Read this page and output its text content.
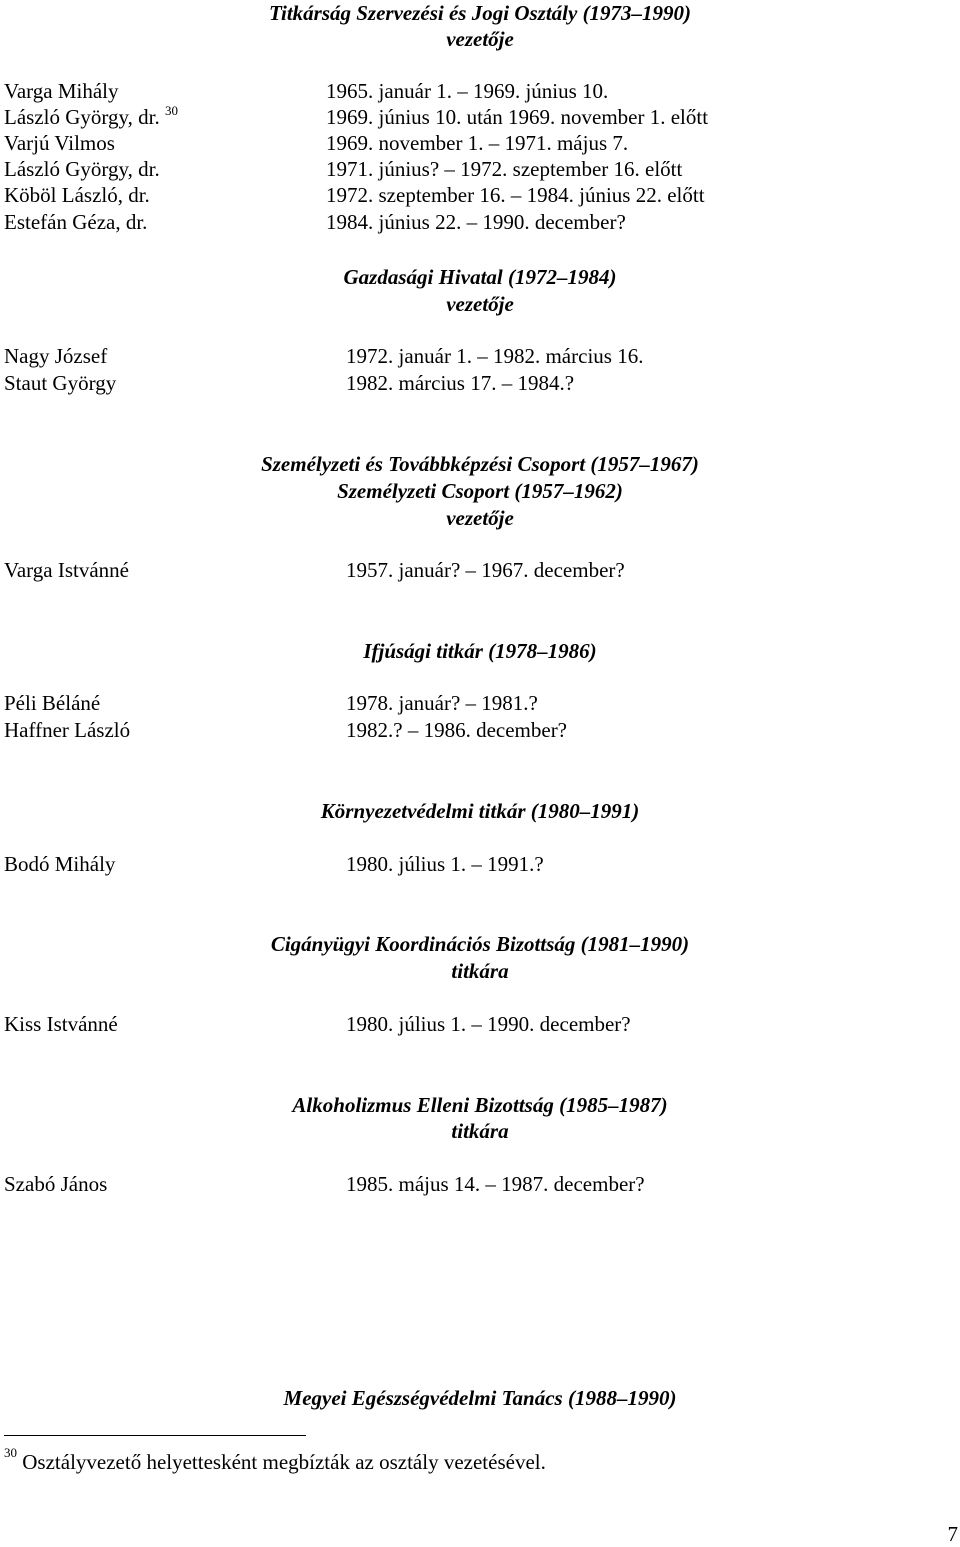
Titkárság Szervezési és Jogi Osztály (1973–1990)
vezetője
Varga Mihály	1965. január 1. – 1969. június 10.
László György, dr. $^{30}$	1969. június 10. után 1969. november 1. előtt
Varjú Vilmos	1969. november 1. – 1971. május 7.
László György, dr.	1971. június? – 1972. szeptember 16. előtt
Köböl László, dr.	1972. szeptember 16. – 1984. június 22. előtt
Estefán Géza, dr.	1984. június 22. – 1990. december?
Gazdasági Hivatal (1972–1984)
vezetője
Nagy József	1972. január 1. – 1982. március 16.
Staut György	1982. március 17. – 1984.?
Személyzeti és Továbbképzési Csoport (1957–1967)
Személyzeti Csoport (1957–1962)
vezetője
Varga Istvánné	1957. január? – 1967. december?
Ifjúsági titkár (1978–1986)
Péli Béláné	1978. január? – 1981.?
Haffner László	1982.? – 1986. december?
Környezetvédelmi titkár (1980–1991)
Bodó Mihály	1980. július 1. – 1991.?
Cigányügyi Koordinációs Bizottság (1981–1990)
titkára
Kiss Istvánné	1980. július 1. – 1990. december?
Alkoholizmus Elleni Bizottság (1985–1987)
titkára
Szabó János	1985. május 14. – 1987. december?
Megyei Egészségvédelmi Tanács (1988–1990)
$^{30}$ Osztályvezető helyettesként megbízták az osztály vezetésével.
7
